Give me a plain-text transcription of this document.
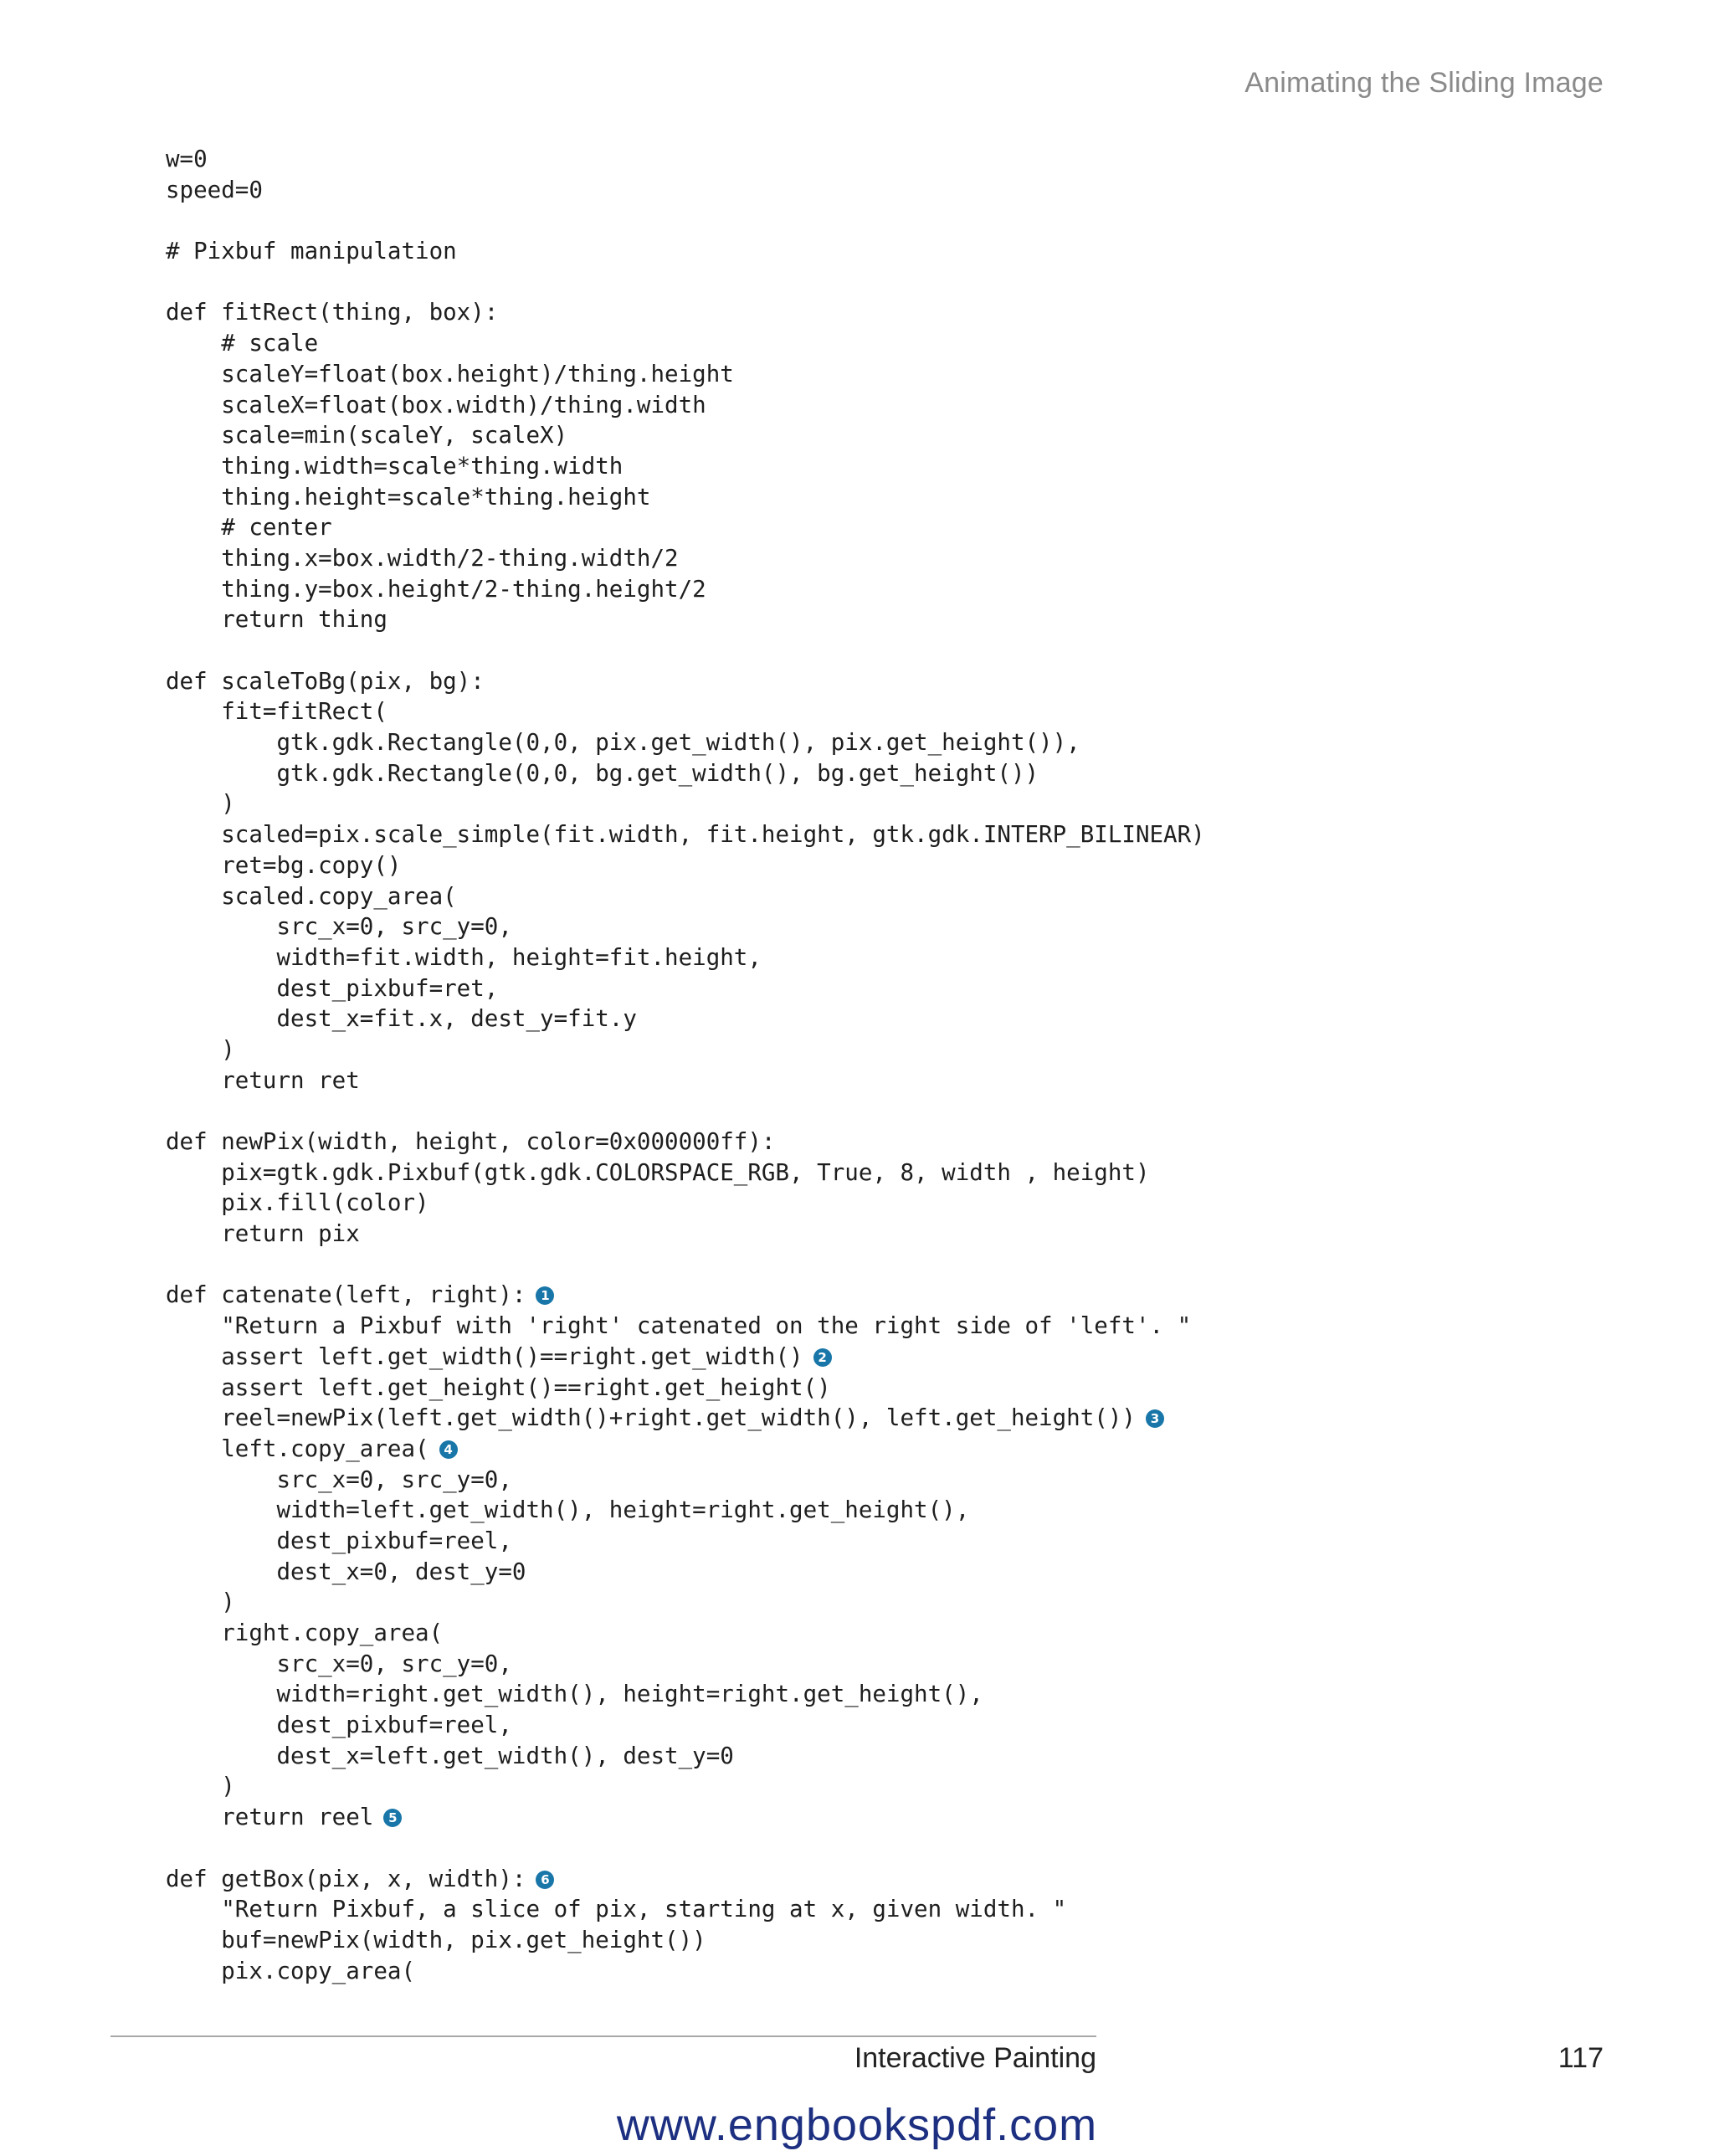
Animating the Sliding Image
w=0
speed=0
# Pixbuf manipulation
def fitRect(thing, box):
# scale
scaleY=float(box.height)/thing.height
scaleX=float(box.width)/thing.width
scale=min(scaleY, scaleX)
thing.width=scale*thing.width
thing.height=scale*thing.height
# center
thing.x=box.width/2-thing.width/2
thing.y=box.height/2-thing.height/2
return thing
def scaleToBg(pix, bg):
fit=fitRect(
gtk.gdk.Rectangle(0,0, pix.get_width(), pix.get_height()),
gtk.gdk.Rectangle(0,0, bg.get_width(), bg.get_height())
)
scaled=pix.scale_simple(fit.width, fit.height, gtk.gdk.INTERP_BILINEAR)
ret=bg.copy()
scaled.copy_area(
src_x=0, src_y=0,
width=fit.width, height=fit.height,
dest_pixbuf=ret,
dest_x=fit.x, dest_y=fit.y
)
return ret
def newPix(width, height, color=0x000000ff):
pix=gtk.gdk.Pixbuf(gtk.gdk.COLORSPACE_RGB, True, 8, width , height)
pix.fill(color)
return pix
def catenate(left, right): 1
"Return a Pixbuf with 'right' catenated on the right side of 'left'. "
assert left.get_width()==right.get_width() 2
assert left.get_height()==right.get_height()
reel=newPix(left.get_width()+right.get_width(), left.get_height()) 3
left.copy_area( 4
src_x=0, src_y=0,
width=left.get_width(), height=right.get_height(),
dest_pixbuf=reel,
dest_x=0, dest_y=0
)
right.copy_area(
src_x=0, src_y=0,
width=right.get_width(), height=right.get_height(),
dest_pixbuf=reel,
dest_x=left.get_width(), dest_y=0
)
return reel 5
def getBox(pix, x, width): 6
"Return Pixbuf, a slice of pix, starting at x, given width. "
buf=newPix(width, pix.get_height())
pix.copy_area(
Interactive Painting	117
www.engbookspdf.com
